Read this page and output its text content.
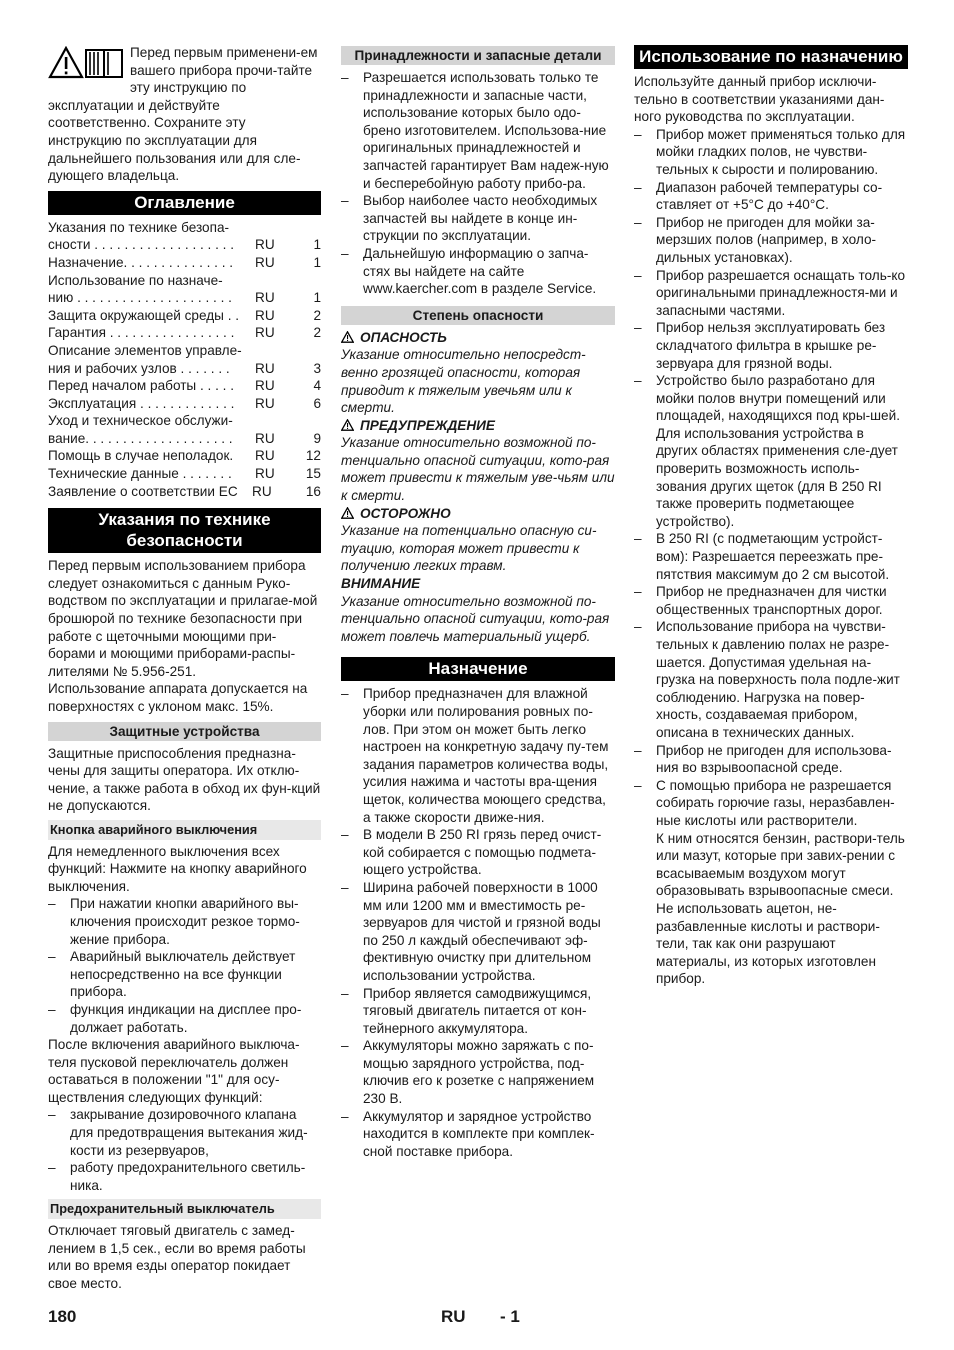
Перед первым применени-ем вашего прибора прочи-тайте эту инструкцию по эксплуатации и действуйте соответственно. Сохраните эту инструкцию по эксплуатации для дальнейшего пользования или для сле-дующего владельца.

Оглавление
Указания по технике безопа-
сности . . . . . . . . . . . . . . . . . . .	RU	1
Назначение. . . . . . . . . . . . . . .	RU	1
Использование по назначе-
нию . . . . . . . . . . . . . . . . . . . . .	RU	1
Защита окружающей среды . .	RU	2
Гарантия . . . . . . . . . . . . . . . . .	RU	2
Описание элементов управле-
ния и рабочих узлов . . . . . . .	RU	3
Перед началом работы . . . . .	RU	4
Эксплуатация . . . . . . . . . . . . .	RU	6
Уход и техническое обслужи-
вание. . . . . . . . . . . . . . . . . . . .	RU	9
Помощь в случае неполадок.	RU	12
Технические данные . . . . . . .	RU	15
Заявление о соответствии EC	RU	16
Указания по технике безопасности

Перед первым использованием прибора следует ознакомиться с данным Руко-водством по эксплуатации и прилагае-мой брошюрой по технике безопасности при работе с щеточными моющими при-борами и моющими приборами-распы-лителями № 5.956-251.

Использование аппарата допускается на поверхностях с уклоном макс. 15%.

Защитные устройства

Защитные приспособления предназна-чены для защиты оператора. Их отклю-чение, а также работа в обход их фун-кций не допускаются.

Кнопка аварийного выключения

Для немедленного выключения всех функций: Нажмите на кнопку аварийного выключения.

– При нажатии кнопки аварийного вы-ключения происходит резкое тормо-жение прибора.
– Аварийный выключатель действует непосредственно на все функции прибора.
– функция индикации на дисплее про-должает работать.

После включения аварийного выключа-теля пусковой переключатель должен оставаться в положении "1" для осу-ществления следующих функций:

– закрывание дозировочного клапана для предотвращения вытекания жид-кости из резервуаров,
– работу предохранительного светиль-ника.
Предохранительный выключатель

Отключает тяговый двигатель с замед-лением в 1,5 сек., если во время работы или во время езды оператор покидает свое место.

Принадлежности и запасные детали
– Разрешается использовать только те принадлежности и запасные части, использование которых было одо-брено изготовителем. Использова-ние оригинальных принадлежностей и запчастей гарантирует Вам надеж-ную и бесперебойную работу прибо-ра.
– Выбор наиболее часто необходимых запчастей вы найдете в конце ин-струкции по эксплуатации.
– Дальнейшую информацию о запча-стях вы найдете на сайте www.kaercher.com в разделе Service.
Степень опасности
ОПАСНОСТЬ

Указание относительно непосредст-венно грозящей опасности, которая приводит к тяжелым увечьям или к смерти.

ПРЕДУПРЕЖДЕНИЕ

Указание относительно возможной по-тенциально опасной ситуации, кото-рая может привести к тяжелым уве-чьям или к смерти.

ОСТОРОЖНО

Указание на потенциально опасную си-туацию, которая может привести к получению легких травм.

ВНИМАНИЕ

Указание относительно возможной по-тенциально опасной ситуации, кото-рая может повлечь материальный ущерб.

Назначение
– Прибор предназначен для влажной уборки или полирования ровных по-лов. При этом он может быть легко настроен на конкретную задачу пу-тем задания параметров количества воды, усилия нажима и частоты вра-щения щеток, количества моющего средства, а также скорости движе-ния.
– В модели B 250 RI грязь перед очист-кой собирается с помощью подмета-ющего устройства.
– Ширина рабочей поверхности в 1000 мм или 1200 мм и вместимость ре-зервуаров для чистой и грязной воды по 250 л каждый обеспечивают эф-фективную очистку при длительном использовании устройства.
– Прибор является самодвижущимся, тяговый двигатель питается от кон-тейнерного аккумулятора.
– Аккумуляторы можно заряжать с по-мощью зарядного устройства, под-ключив его к розетке с напряжением 230 В.
– Аккумулятор и зарядное устройство находится в комплекте при комплек-сной поставке прибора.
Использование по назначению

Используйте данный прибор исключи-тельно в соответствии указаниями дан-ного руководства по эксплуатации.

– Прибор может применяться только для мойки гладких полов, не чувстви-тельных к сырости и полированию.
– Диапазон рабочей температуры со-ставляет от +5°C до +40°C.
– Прибор не пригоден для мойки за-мерзших полов (например, в холо-дильных установках).
– Прибор разрешается оснащать толь-ко оригинальными принадлежностя-ми и запасными частями.
– Прибор нельзя эксплуатировать без складчатого фильтра в крышке ре-зервуара для грязной воды.
– Устройство было разработано для мойки полов внутри помещений или площадей, находящихся под кры-шей. Для использования устройства в других областях применения сле-дует проверить возможность исполь-зования других щеток (для B 250 RI также проверить подметающее устройство).
– В 250 RI (с подметающим устройст-вом): Разрешается переезжать пре-пятствия максимум до 2 см высотой.
– Прибор не предназначен для чистки общественных транспортных дорог.
– Использование прибора на чувстви-тельных к давлению полах не разре-шается. Допустимая удельная на-грузка на поверхность пола подле-жит соблюдению. Нагрузка на повер-хность, создаваемая прибором, описана в технических данных.
– Прибор не пригоден для использова-ния во взрывоопасной среде.
– С помощью прибора не разрешается собирать горючие газы, неразбавлен-ные кислоты или растворители.

К ним относятся бензин, раствори-тель или мазут, которые при завих-рении с всасываемым воздухом могут образовывать взрывоопасные смеси. Не использовать ацетон, не-разбавленные кислоты и раствори-тели, так как они разрушают материалы, из которых изготовлен прибор.

180	RU - 1
